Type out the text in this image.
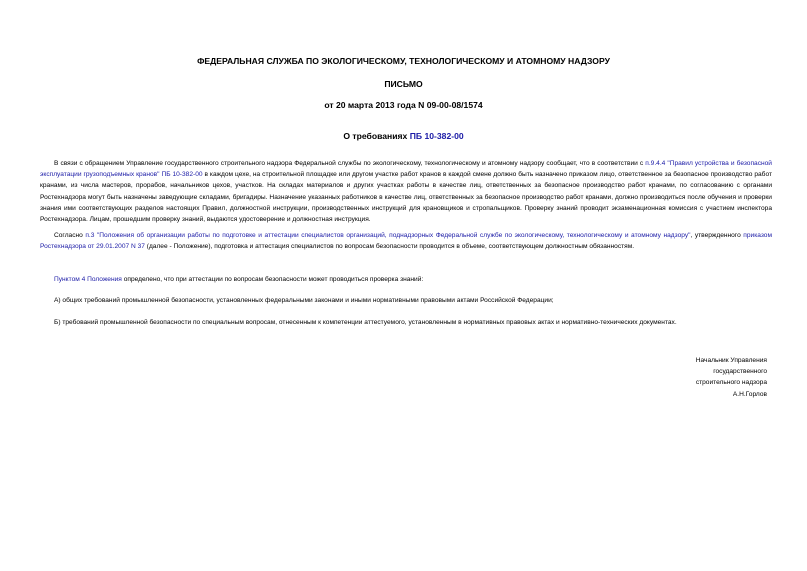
ФЕДЕРАЛЬНАЯ СЛУЖБА ПО ЭКОЛОГИЧЕСКОМУ, ТЕХНОЛОГИЧЕСКОМУ И АТОМНОМУ НАДЗОРУ
ПИСЬМО
от 20 марта 2013 года N 09-00-08/1574
О требованиях ПБ 10-382-00
В связи с обращением Управление государственного строительного надзора Федеральной службы по экологическому, технологическому и атомному надзору сообщает, что в соответствии с п.9.4.4 "Правил устройства и безопасной эксплуатации грузоподъемных кранов" ПБ 10-382-00 в каждом цехе, на строительной площадке или другом участке работ кранов в каждой смене должно быть назначено приказом лицо, ответственное за безопасное производство работ кранами, из числа мастеров, прорабов, начальников цехов, участков. На складах материалов и других участках работы в качестве лиц, ответственных за безопасное производство работ кранами, по согласованию с органами Ростехнадзора могут быть назначены заведующие складами, бригадиры. Назначение указанных работников в качестве лиц, ответственных за безопасное производство работ кранами, должно производиться после обучения и проверки знания ими соответствующих разделов настоящих Правил, должностной инструкции, производственных инструкций для крановщиков и стропальщиков. Проверку знаний проводит экзаменационная комиссия с участием инспектора Ростехнадзора. Лицам, прошедшим проверку знаний, выдаются удостоверение и должностная инструкция.
Согласно п.3 "Положения об организации работы по подготовке и аттестации специалистов организаций, поднадзорных Федеральной службе по экологическому, технологическому и атомному надзору", утвержденного приказом Ростехнадзора от 29.01.2007 N 37 (далее - Положение), подготовка и аттестация специалистов по вопросам безопасности проводится в объеме, соответствующем должностным обязанностям.
Пунктом 4 Положения определено, что при аттестации по вопросам безопасности может проводиться проверка знаний:
А) общих требований промышленной безопасности, установленных федеральными законами и иными нормативными правовыми актами Российской Федерации;
Б) требований промышленной безопасности по специальным вопросам, отнесенным к компетенции аттестуемого, установленным в нормативных правовых актах и нормативно-технических документах.
Начальник Управления
государственного
строительного надзора
А.Н.Горлов
